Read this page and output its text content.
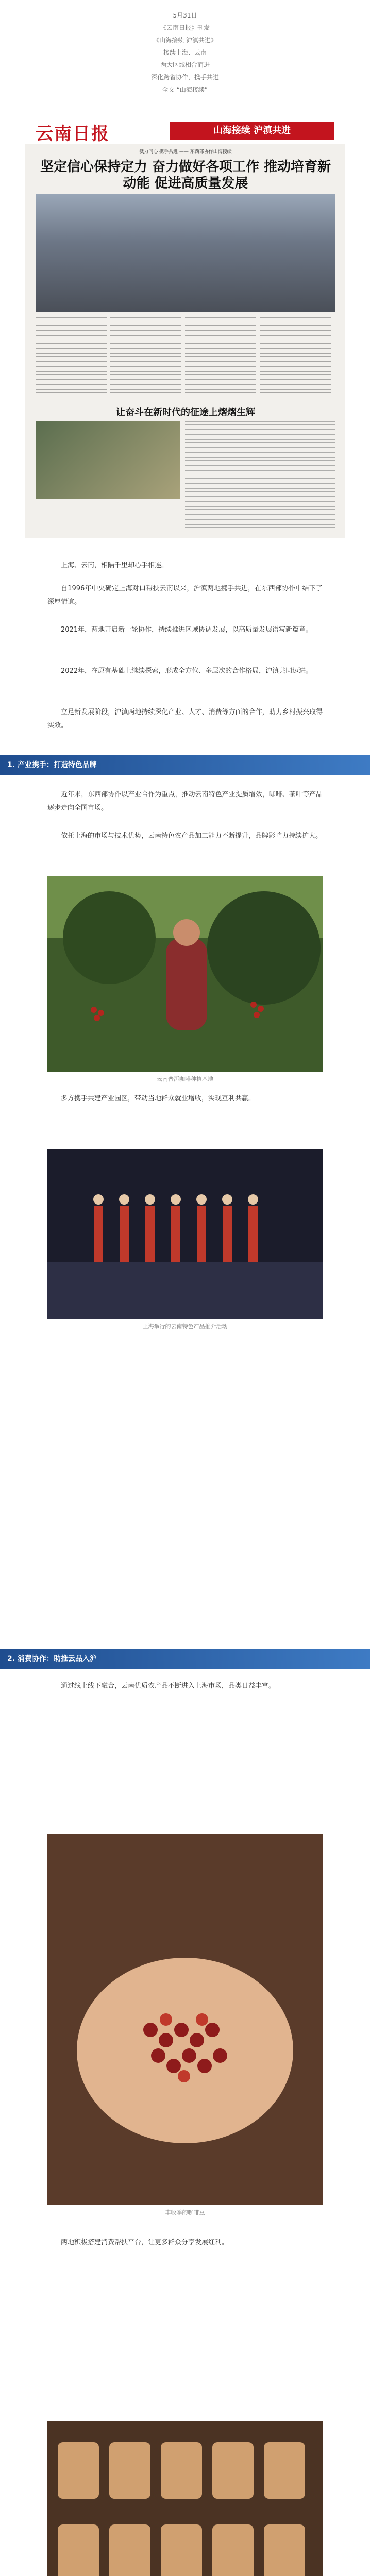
5月31日
《云南日报》刊发
《山海接续 沪滇共进》
接续上海、云南
两大区域相合而进
深化跨省协作，携手共进
全文 “山海接续”
云南日报	山海接续 沪滇共进
戮力同心 携手共进 —— 东西部协作山海接续
坚定信心保持定力 奋力做好各项工作 推动培育新动能 促进高质量发展
让奋斗在新时代的征途上熠熠生辉
上海、云南，相隔千里却心手相连。
自1996年中央确定上海对口帮扶云南以来，沪滇两地携手共进，在东西部协作中结下了深厚情谊。
2021年，两地开启新一轮协作，持续推进区域协调发展，以高质量发展谱写新篇章。
2022年，在原有基础上继续探索，形成全方位、多层次的合作格局，沪滇共同迈进。
立足新发展阶段，沪滇两地持续深化产业、人才、消费等方面的合作，助力乡村振兴取得实效。
1. 产业携手：打造特色品牌
近年来，东西部协作以产业合作为重点，推动云南特色产业提质增效，咖啡、茶叶等产品逐步走向全国市场。
依托上海的市场与技术优势，云南特色农产品加工能力不断提升，品牌影响力持续扩大。
云南普洱咖啡种植基地
多方携手共建产业园区，带动当地群众就业增收，实现互利共赢。
上海举行的云南特色产品推介活动
2. 消费协作：助推云品入沪
通过线上线下融合，云南优质农产品不断进入上海市场，品类日益丰富。
丰收季的咖啡豆
两地积极搭建消费帮扶平台，让更多群众分享发展红利。
